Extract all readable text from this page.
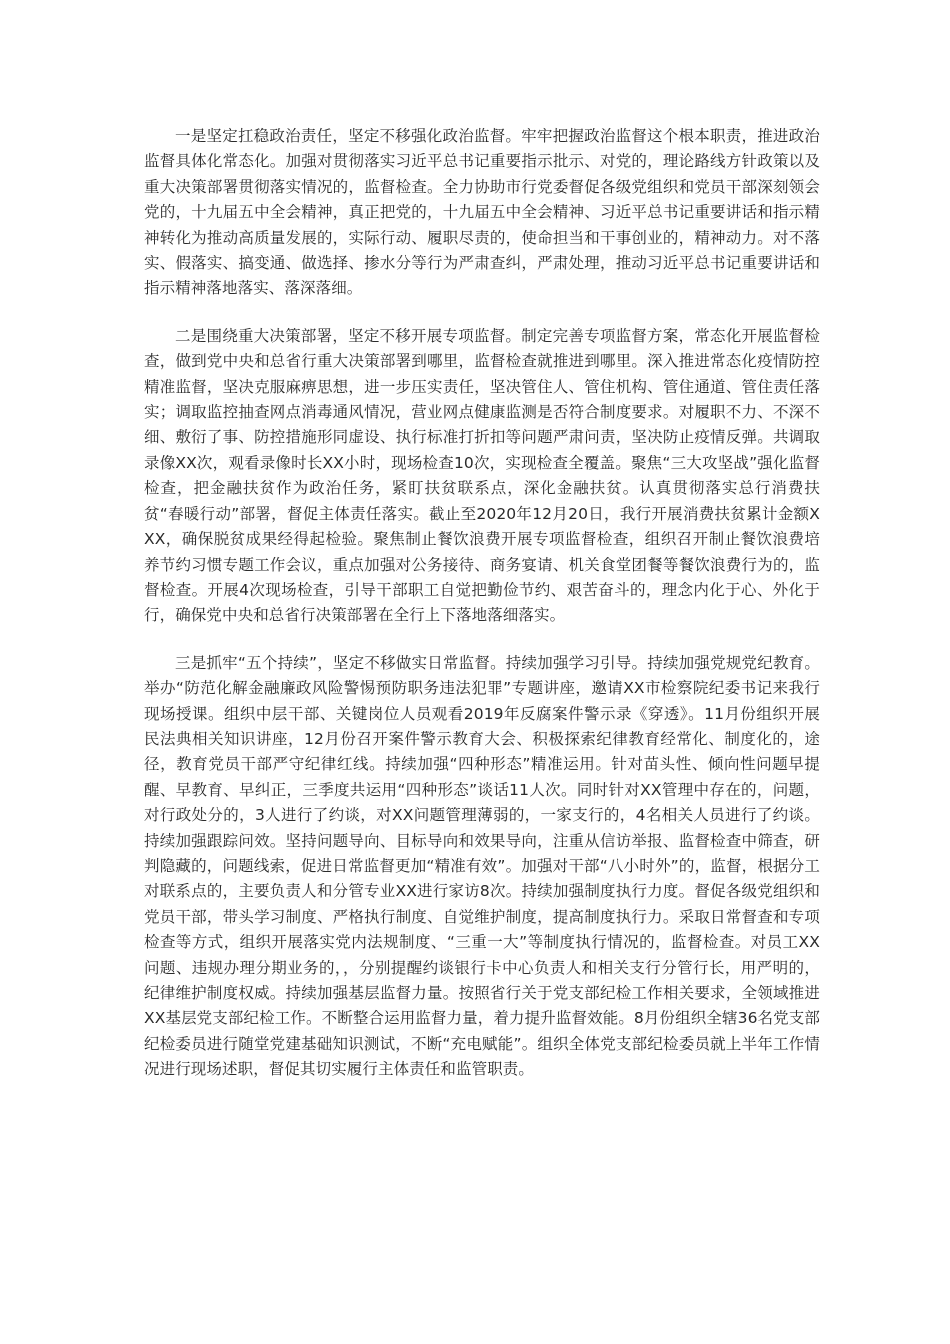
一是坚定扛稳政治责任，坚定不移强化政治监督。牢牢把握政治监督这个根本职责，推进政治监督具体化常态化。加强对贯彻落实习近平总书记重要指示批示、对党的，理论路线方针政策以及重大决策部署贯彻落实情况的，监督检查。全力协助市行党委督促各级党组织和党员干部深刻领会党的，十九届五中全会精神，真正把党的，十九届五中全会精神、习近平总书记重要讲话和指示精神转化为推动高质量发展的，实际行动、履职尽责的，使命担当和干事创业的，精神动力。对不落实、假落实、搞变通、做选择、掺水分等行为严肃查纠，严肃处理，推动习近平总书记重要讲话和指示精神落地落实、落深落细。

二是围绕重大决策部署，坚定不移开展专项监督。制定完善专项监督方案，常态化开展监督检查，做到党中央和总省行重大决策部署到哪里，监督检查就推进到哪里。深入推进常态化疫情防控精准监督，坚决克服麻痹思想，进一步压实责任，坚决管住人、管住机构、管住通道、管住责任落实；调取监控抽查网点消毒通风情况，营业网点健康监测是否符合制度要求。对履职不力、不深不细、敷衍了事、防控措施形同虚设、执行标准打折扣等问题严肃问责，坚决防止疫情反弹。共调取录像XX次，观看录像时长XX小时，现场检查10次，实现检查全覆盖。聚焦“三大攻坚战”强化监督检查，把金融扶贫作为政治任务，紧盯扶贫联系点，深化金融扶贫。认真贯彻落实总行消费扶贫“春暖行动”部署，督促主体责任落实。截止至2020年12月20日，我行开展消费扶贫累计金额XXX，确保脱贫成果经得起检验。聚焦制止餐饮浪费开展专项监督检查，组织召开制止餐饮浪费培养节约习惯专题工作会议，重点加强对公务接待、商务宴请、机关食堂团餐等餐饮浪费行为的，监督检查。开展4次现场检查，引导干部职工自觉把勤俭节约、艰苦奋斗的，理念内化于心、外化于行，确保党中央和总省行决策部署在全行上下落地落细落实。

三是抓牢“五个持续”，坚定不移做实日常监督。持续加强学习引导。持续加强党规党纪教育。举办“防范化解金融廉政风险警惕预防职务违法犯罪”专题讲座，邀请XX市检察院纪委书记来我行现场授课。组织中层干部、关键岗位人员观看2019年反腐案件警示录《穿透》。11月份组织开展民法典相关知识讲座，12月份召开案件警示教育大会、积极探索纪律教育经常化、制度化的，途径，教育党员干部严守纪律红线。持续加强“四种形态”精准运用。针对苗头性、倾向性问题早提醒、早教育、早纠正，三季度共运用“四种形态”谈话11人次。同时针对XX管理中存在的，问题，对行政处分的，3人进行了约谈，对XX问题管理薄弱的，一家支行的，4名相关人员进行了约谈。持续加强跟踪问效。坚持问题导向、目标导向和效果导向，注重从信访举报、监督检查中筛查，研判隐藏的，问题线索，促进日常监督更加“精准有效”。加强对干部“八小时外”的，监督，根据分工对联系点的，主要负责人和分管专业XX进行家访8次。持续加强制度执行力度。督促各级党组织和党员干部，带头学习制度、严格执行制度、自觉维护制度，提高制度执行力。采取日常督查和专项检查等方式，组织开展落实党内法规制度、“三重一大”等制度执行情况的，监督检查。对员工XX问题、违规办理分期业务的，，分别提醒约谈银行卡中心负责人和相关支行分管行长，用严明的，纪律维护制度权威。持续加强基层监督力量。按照省行关于党支部纪检工作相关要求，全领域推进XX基层党支部纪检工作。不断整合运用监督力量，着力提升监督效能。8月份组织全辖36名党支部纪检委员进行随堂党建基础知识测试，不断“充电赋能”。组织全体党支部纪检委员就上半年工作情况进行现场述职，督促其切实履行主体责任和监管职责。
